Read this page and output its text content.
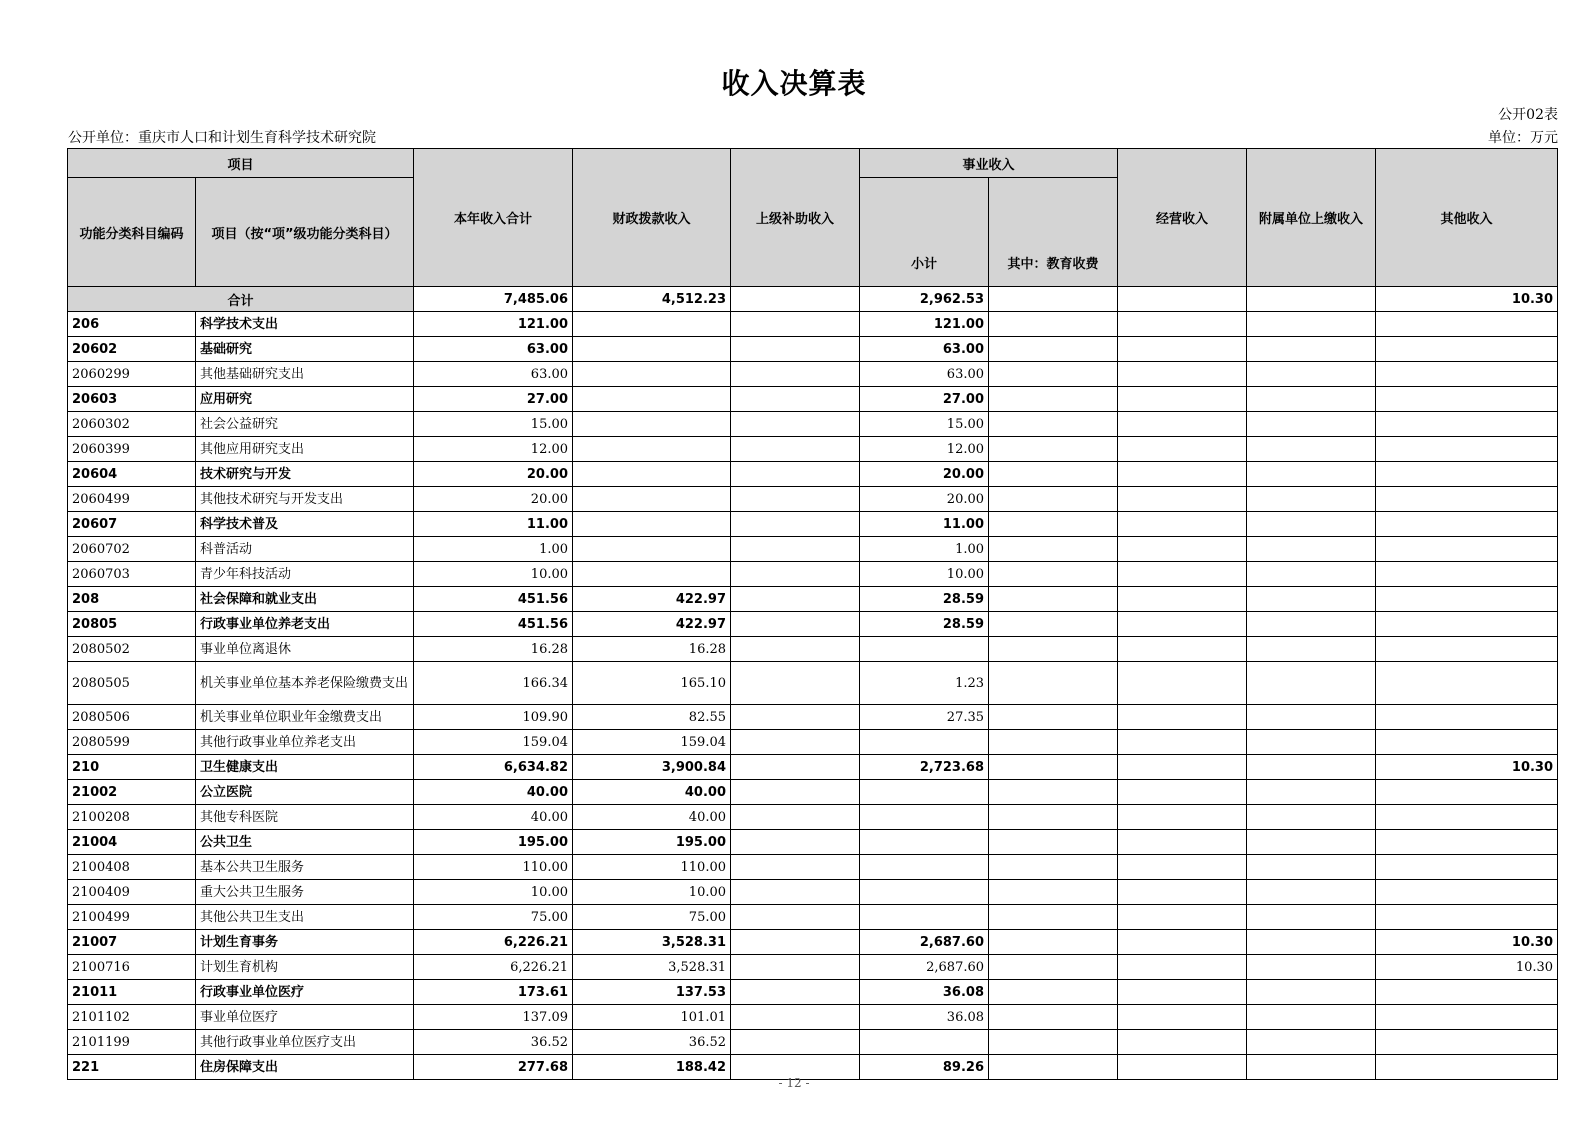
收入决算表
公开02表
公开单位：重庆市人口和计划生育科学技术研究院	单位：万元
项目		本年收入合计	财政拨款收入	上级补助收入	事业收入		经营收入	附属单位上缴收入	其他收入
功能分类科目编码	项目（按“项”级功能分类科目）				小计	其中：教育收费			
合计		7,485.06	4,512.23		2,962.53				10.30
206	科学技术支出	121.00			121.00				
20602	基础研究	63.00			63.00				
2060299	其他基础研究支出	63.00			63.00				
20603	应用研究	27.00			27.00				
2060302	社会公益研究	15.00			15.00				
2060399	其他应用研究支出	12.00			12.00				
20604	技术研究与开发	20.00			20.00				
2060499	其他技术研究与开发支出	20.00			20.00				
20607	科学技术普及	11.00			11.00				
2060702	科普活动	1.00			1.00				
2060703	青少年科技活动	10.00			10.00				
208	社会保障和就业支出	451.56	422.97		28.59				
20805	行政事业单位养老支出	451.56	422.97		28.59				
2080502	事业单位离退休	16.28	16.28						
2080505	机关事业单位基本养老保险缴费支出	166.34	165.10		1.23				
2080506	机关事业单位职业年金缴费支出	109.90	82.55		27.35				
2080599	其他行政事业单位养老支出	159.04	159.04						
210	卫生健康支出	6,634.82	3,900.84		2,723.68				10.30
21002	公立医院	40.00	40.00						
2100208	其他专科医院	40.00	40.00						
21004	公共卫生	195.00	195.00						
2100408	基本公共卫生服务	110.00	110.00						
2100409	重大公共卫生服务	10.00	10.00						
2100499	其他公共卫生支出	75.00	75.00						
21007	计划生育事务	6,226.21	3,528.31		2,687.60				10.30
2100716	计划生育机构	6,226.21	3,528.31		2,687.60				10.30
21011	行政事业单位医疗	173.61	137.53		36.08				
2101102	事业单位医疗	137.09	101.01		36.08				
2101199	其他行政事业单位医疗支出	36.52	36.52						
221	住房保障支出	277.68	188.42		89.26				
- 12 -
